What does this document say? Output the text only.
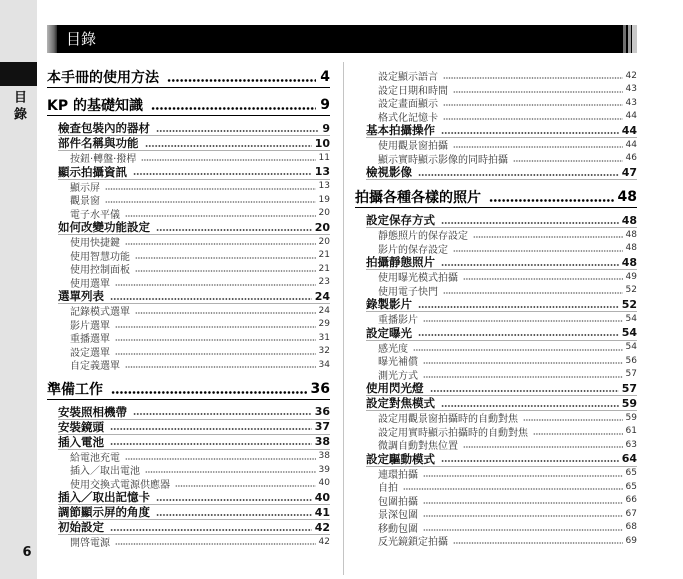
目錄
6
目錄
本手冊的使用方法	4
KP 的基礎知識	9
檢查包裝內的器材	9
部件名稱與功能	10
按鈕‧轉盤‧撥桿	11
顯示拍攝資訊	13
顯示屏	13
觀景窗	19
電子水平儀	20
如何改變功能設定	20
使用快捷鍵	20
使用智慧功能	21
使用控制面板	21
使用選單	23
選單列表	24
記錄模式選單	24
影片選單	29
重播選單	31
設定選單	32
自定義選單	34
準備工作	36
安裝照相機帶	36
安裝鏡頭	37
插入電池	38
給電池充電	38
插入／取出電池	39
使用交換式電源供應器	40
插入／取出記憶卡	40
調節顯示屏的角度	41
初始設定	42
開啓電源	42
設定顯示語言	42
設定日期和時間	43
設定畫面顯示	43
格式化記憶卡	44
基本拍攝操作	44
使用觀景窗拍攝	44
顯示實時顯示影像的同時拍攝	46
檢視影像	47
拍攝各種各樣的照片	48
設定保存方式	48
靜態照片的保存設定	48
影片的保存設定	48
拍攝靜態照片	48
使用曝光模式拍攝	49
使用電子快門	52
錄製影片	52
重播影片	54
設定曝光	54
感光度	54
曝光補償	56
測光方式	57
使用閃光燈	57
設定對焦模式	59
設定用觀景窗拍攝時的自動對焦	59
設定用實時顯示拍攝時的自動對焦	61
微調自動對焦位置	63
設定驅動模式	64
連環拍攝	65
自拍	65
包圍拍攝	66
景深包圍	67
移動包圍	68
反光鏡鎖定拍攝	69
